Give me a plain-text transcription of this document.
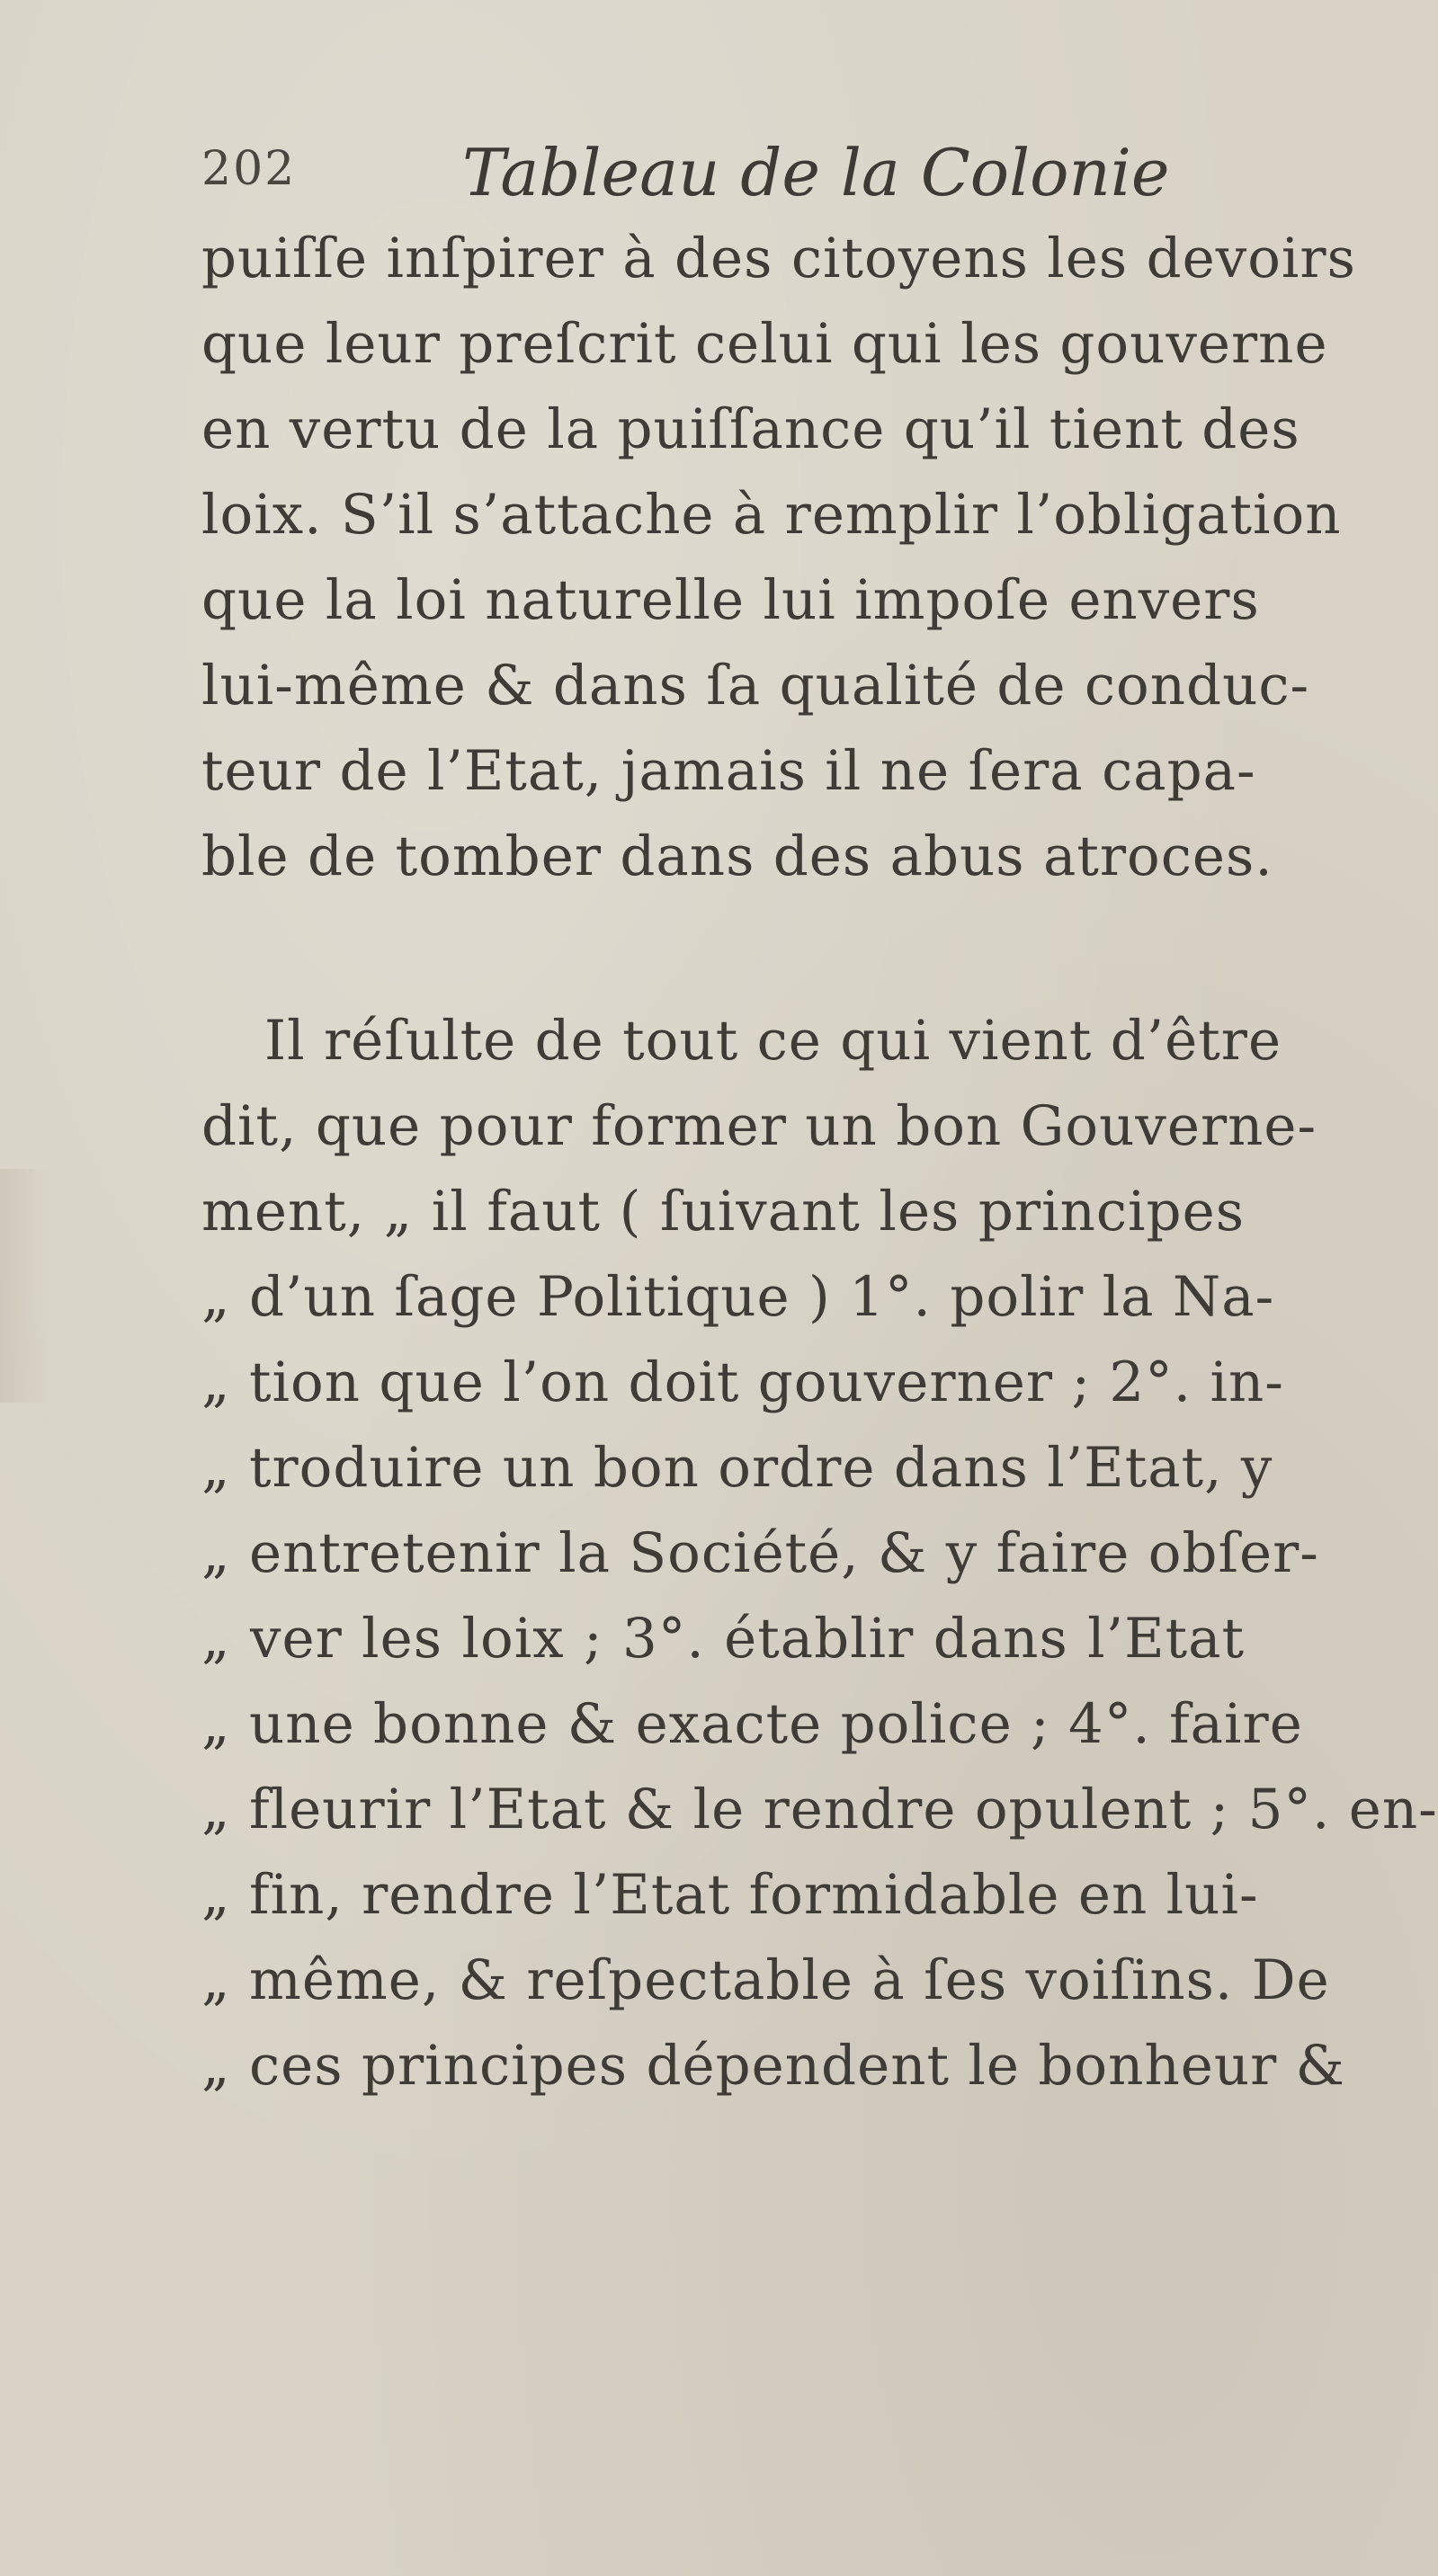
202	Tableau de la Colonie
puiſſe inſpirer à des citoyens les devoirs
que leur preſcrit celui qui les gouverne
en vertu de la puiſſance qu’il tient des
loix. S’il s’attache à remplir l’obligation
que la loi naturelle lui impoſe envers
lui-même & dans ſa qualité de conduc-
teur de l’Etat, jamais il ne ſera capa-
ble de tomber dans des abus atroces.
Il réſulte de tout ce qui vient d’être
dit, que pour former un bon Gouverne-
ment, „ il faut ( ſuivant les principes
„ d’un ſage Politique ) 1°. polir la Na-
„ tion que l’on doit gouverner ; 2°. in-
„ troduire un bon ordre dans l’Etat, y
„ entretenir la Société, & y faire obſer-
„ ver les loix ; 3°. établir dans l’Etat
„ une bonne & exacte police ; 4°. faire
„ fleurir l’Etat & le rendre opulent ; 5°. en-
„ fin, rendre l’Etat formidable en lui-
„ même, & reſpectable à ſes voiſins. De
„ ces principes dépendent le bonheur &
